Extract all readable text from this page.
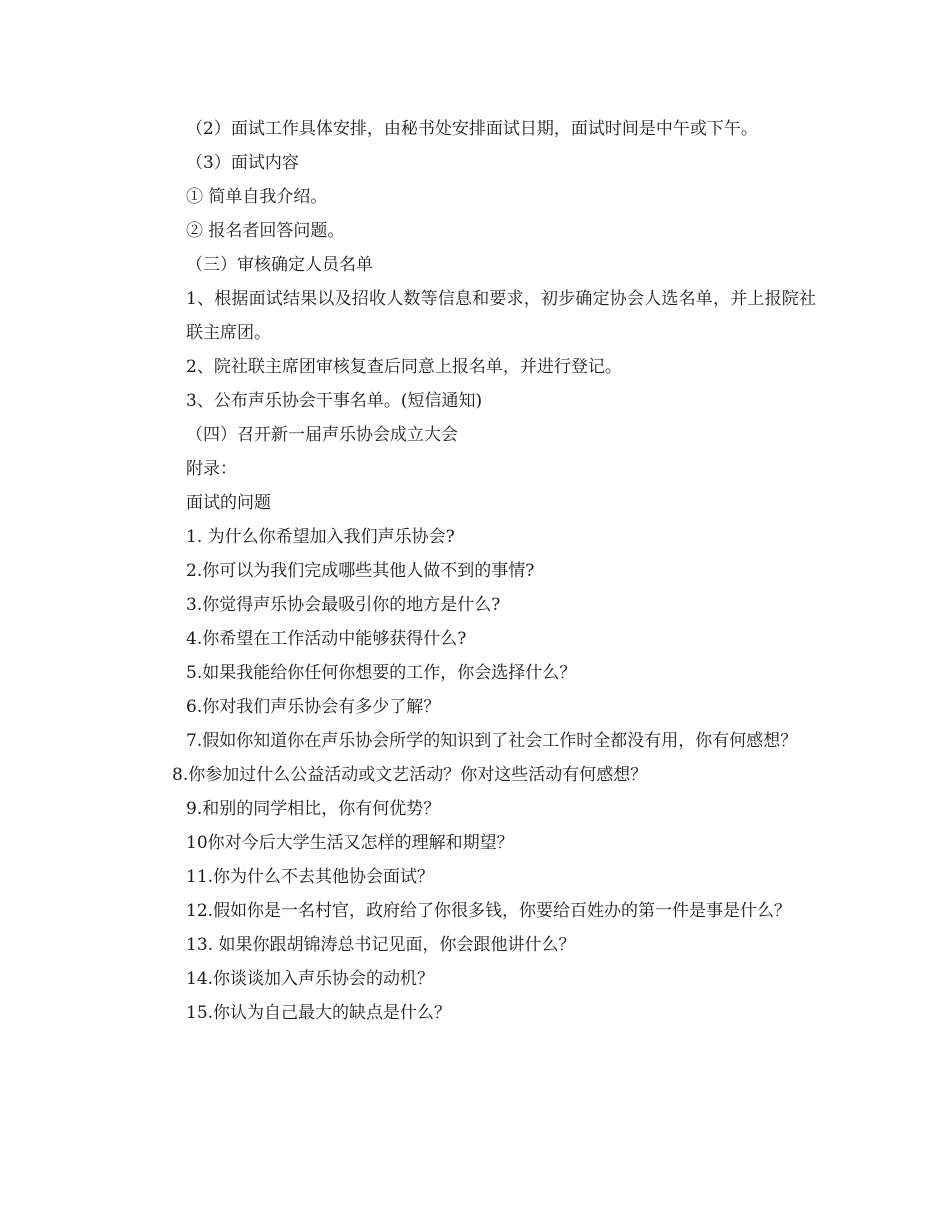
（2）面试工作具体安排，由秘书处安排面试日期，面试时间是中午或下午。

（3）面试内容

① 简单自我介绍。

② 报名者回答问题。

（三）审核确定人员名单

1、根据面试结果以及招收人数等信息和要求，初步确定协会人选名单，并上报院社联主席团。

2、院社联主席团审核复查后同意上报名单，并进行登记。

3、公布声乐协会干事名单。(短信通知)

（四）召开新一届声乐协会成立大会

附录：

面试的问题

1. 为什么你希望加入我们声乐协会?

2.你可以为我们完成哪些其他人做不到的事情?

3.你觉得声乐协会最吸引你的地方是什么?

4.你希望在工作活动中能够获得什么?

5.如果我能给你任何你想要的工作，你会选择什么？

6.你对我们声乐协会有多少了解？

7.假如你知道你在声乐协会所学的知识到了社会工作时全都没有用，你有何感想？

8.你参加过什么公益活动或文艺活动？你对这些活动有何感想？

9.和别的同学相比，你有何优势？

10你对今后大学生活又怎样的理解和期望？

11.你为什么不去其他协会面试？

12.假如你是一名村官，政府给了你很多钱，你要给百姓办的第一件是事是什么？

13. 如果你跟胡锦涛总书记见面，你会跟他讲什么？

14.你谈谈加入声乐协会的动机？

15.你认为自己最大的缺点是什么？
